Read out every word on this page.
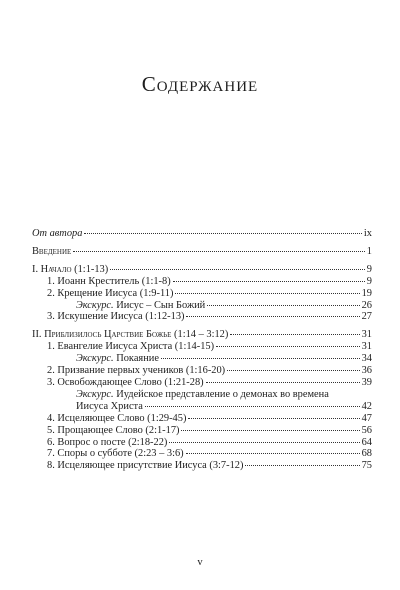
Содержание
От автора	ix
Введение	1
I. Начало (1:1-13)	9
1. Иоанн Креститель (1:1-8)	9
2. Крещение Иисуса (1:9-11)	19
Экскурс. Иисус – Сын Божий	26
3. Искушение Иисуса (1:12-13)	27
II. Приблизилось Царствие Божье (1:14 – 3:12)	31
1. Евангелие Иисуса Христа (1:14-15)	31
Экскурс. Покаяние	34
2. Призвание первых учеников (1:16-20)	36
3. Освобождающее Слово (1:21-28)	39
Экскурс. Иудейское представление о демонах во времена
Иисуса Христа	42
4. Исцеляющее Слово (1:29-45)	47
5. Прощающее Слово (2:1-17)	56
6. Вопрос о посте (2:18-22)	64
7. Споры о субботе (2:23 – 3:6)	68
8. Исцеляющее присутствие Иисуса (3:7-12)	75
v
